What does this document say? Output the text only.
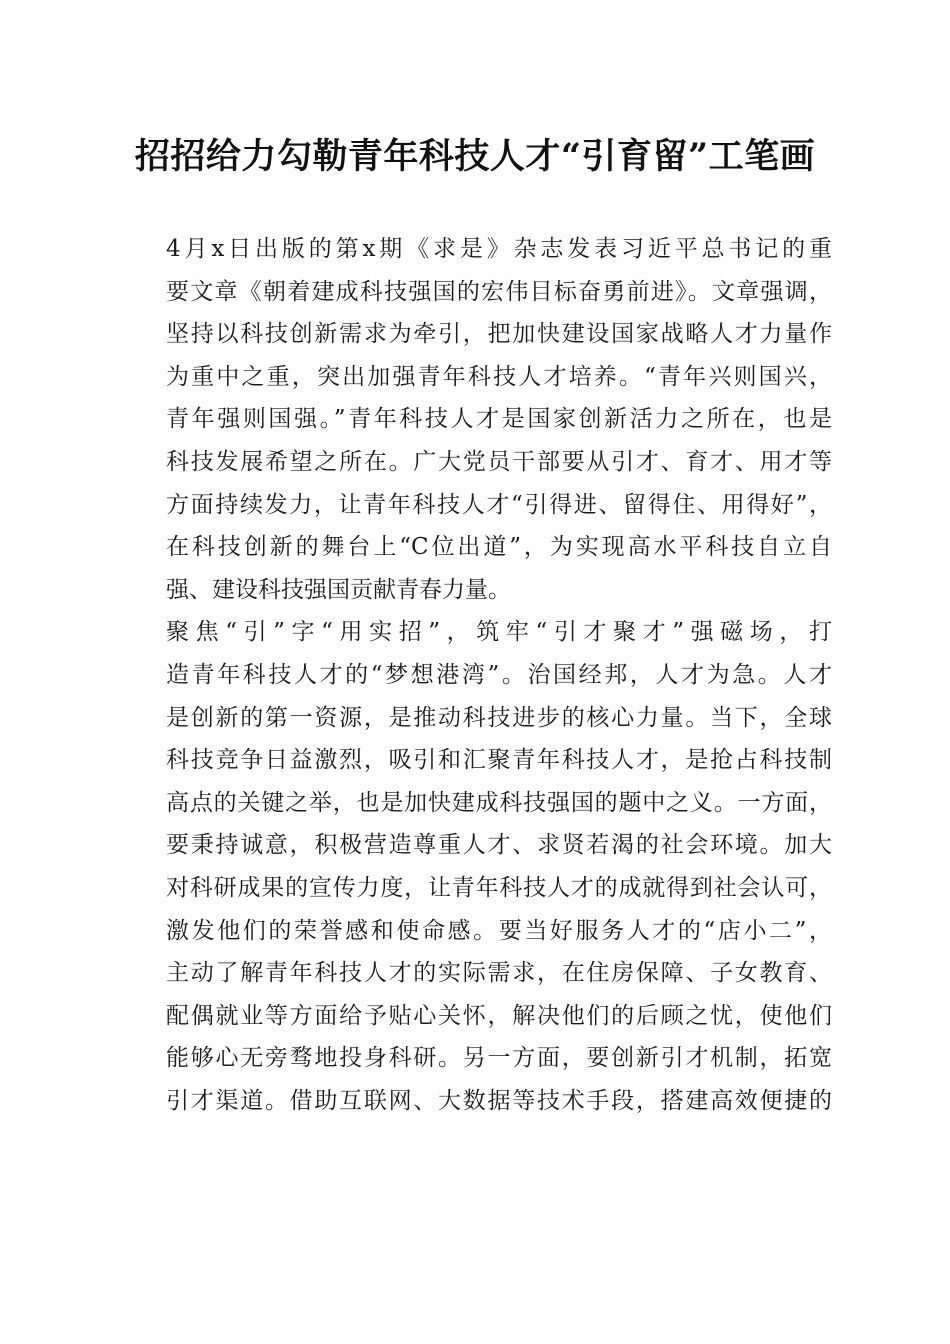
招招给力勾勒青年科技人才“引育留”工笔画

4月x日出版的第x期《求是》杂志发表习近平总书记的重
要文章《朝着建成科技强国的宏伟目标奋勇前进》。文章强调，
坚持以科技创新需求为牵引，把加快建设国家战略人才力量作
为重中之重，突出加强青年科技人才培养。“青年兴则国兴，
青年强则国强。”青年科技人才是国家创新活力之所在，也是
科技发展希望之所在。广大党员干部要从引才、育才、用才等
方面持续发力，让青年科技人才“引得进、留得住、用得好”，
在科技创新的舞台上“C位出道”，为实现高水平科技自立自
强、建设科技强国贡献青春力量。

聚焦“引”字“用实招”，筑牢“引才聚才”强磁场，打
造青年科技人才的“梦想港湾”。治国经邦，人才为急。人才
是创新的第一资源，是推动科技进步的核心力量。当下，全球
科技竞争日益激烈，吸引和汇聚青年科技人才，是抢占科技制
高点的关键之举，也是加快建成科技强国的题中之义。一方面，
要秉持诚意，积极营造尊重人才、求贤若渴的社会环境。加大
对科研成果的宣传力度，让青年科技人才的成就得到社会认可，
激发他们的荣誉感和使命感。要当好服务人才的“店小二”，
主动了解青年科技人才的实际需求，在住房保障、子女教育、
配偶就业等方面给予贴心关怀，解决他们的后顾之忧，使他们
能够心无旁骛地投身科研。另一方面，要创新引才机制，拓宽
引才渠道。借助互联网、大数据等技术手段，搭建高效便捷的
